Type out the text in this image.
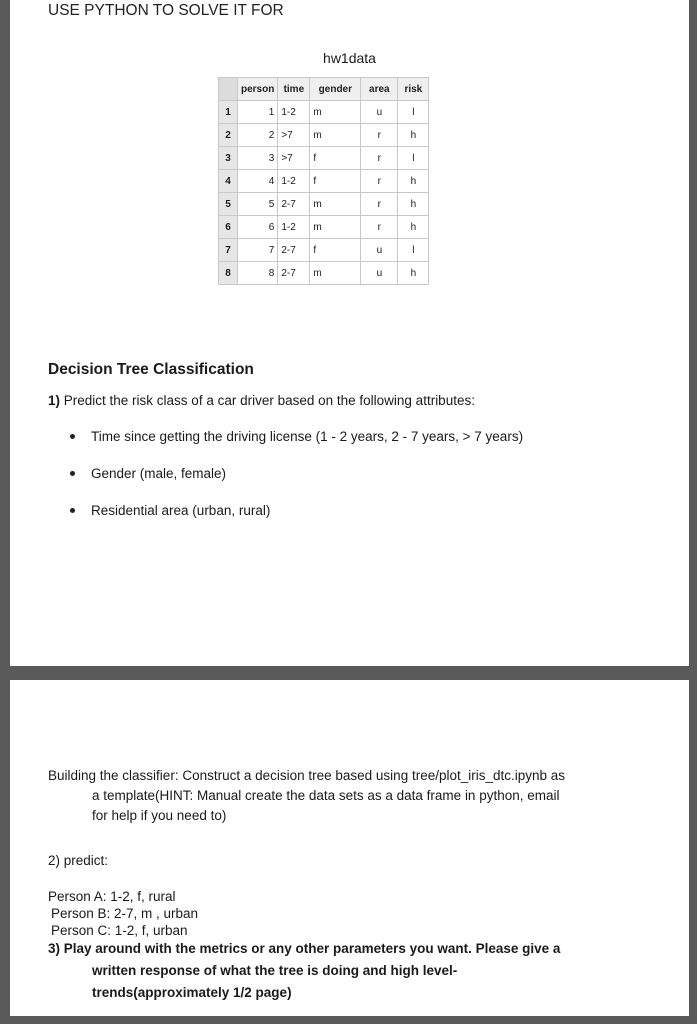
USE PYTHON TO SOLVE IT FOR
hw1data
	person	time	gender	area	risk
1	1	1-2	m	u	l
2	2	>7	m	r	h
3	3	>7	f	r	l
4	4	1-2	f	r	h
5	5	2-7	m	r	h
6	6	1-2	m	r	h
7	7	2-7	f	u	l
8	8	2-7	m	u	h
Decision Tree Classification
1) Predict the risk class of a car driver based on the following attributes:
Time since getting the driving license (1 - 2 years, 2 - 7 years, > 7 years)
Gender (male, female)
Residential area (urban, rural)
Building the classifier: Construct a decision tree based using tree/plot_iris_dtc.ipynb as
a template(HINT: Manual create the data sets as a data frame in python, email
for help if you need to)
2) predict:
Person A: 1-2, f, rural
Person B: 2-7, m , urban
Person C: 1-2, f, urban
3) Play around with the metrics or any other parameters you want. Please give a
written response of what the tree is doing and high level-
trends(approximately 1/2 page)
